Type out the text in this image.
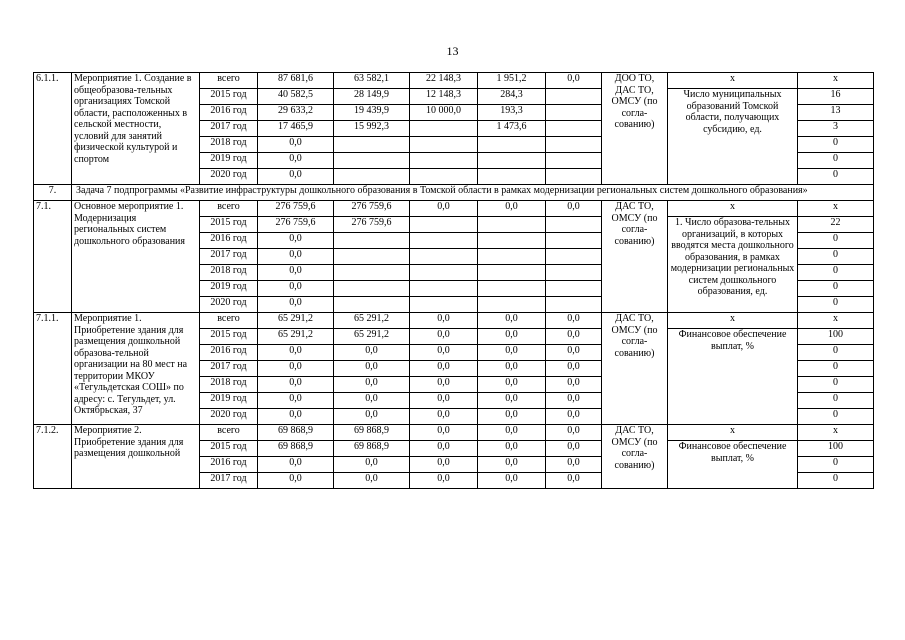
13
6.1.1.	Мероприятие 1. Создание в общеобразова-тельных организациях Томской области, расположенных в сельской местности, условий для занятий физической культурой и спортом	всего	87 681,6	63 582,1	22 148,3	1 951,2	0,0	ДОО ТО, ДАС ТО, ОМСУ (по согла-сованию)	х	х
		2015 год	40 582,5	28 149,9	12 148,3	284,3			Число муниципальных образований Томской области, получающих субсидию, ед.	16
		2016 год	29 633,2	19 439,9	10 000,0	193,3				13
		2017 год	17 465,9	15 992,3		1 473,6				3
		2018 год	0,0							0
		2019 год	0,0							0
		2020 год	0,0							0
7.	Задача 7 подпрограммы «Развитие инфраструктуры дошкольного образования в Томской области в рамках модернизации региональных систем дошкольного образования»									
7.1.	Основное мероприятие 1. Модернизация региональных систем дошкольного образования	всего	276 759,6	276 759,6	0,0	0,0	0,0	ДАС ТО, ОМСУ (по согла-сованию)	х	х
		2015 год	276 759,6	276 759,6					1. Число образова-тельных организаций, в которых вводятся места дошкольного образования, в рамках модернизации региональных систем дошкольного образования, ед.	22
		2016 год	0,0							0
		2017 год	0,0							0
		2018 год	0,0							0
		2019 год	0,0							0
		2020 год	0,0							0
7.1.1.	Мероприятие 1. Приобретение здания для размещения дошкольной образова-тельной организации на 80 мест на территории МКОУ «Тегульдетская СОШ» по адресу: с. Тегульдет, ул. Октябрьская, 37	всего	65 291,2	65 291,2	0,0	0,0	0,0	ДАС ТО, ОМСУ (по согла-сованию)	х	х
		2015 год	65 291,2	65 291,2	0,0	0,0	0,0		Финансовое обеспечение выплат, %	100
		2016 год	0,0	0,0	0,0	0,0	0,0			0
		2017 год	0,0	0,0	0,0	0,0	0,0			0
		2018 год	0,0	0,0	0,0	0,0	0,0			0
		2019 год	0,0	0,0	0,0	0,0	0,0			0
		2020 год	0,0	0,0	0,0	0,0	0,0			0
7.1.2.	Мероприятие 2. Приобретение здания для размещения дошкольной	всего	69 868,9	69 868,9	0,0	0,0	0,0	ДАС ТО, ОМСУ (по согла-сованию)	х	х
		2015 год	69 868,9	69 868,9	0,0	0,0	0,0		Финансовое обеспечение выплат, %	100
		2016 год	0,0	0,0	0,0	0,0	0,0			0
		2017 год	0,0	0,0	0,0	0,0	0,0			0
